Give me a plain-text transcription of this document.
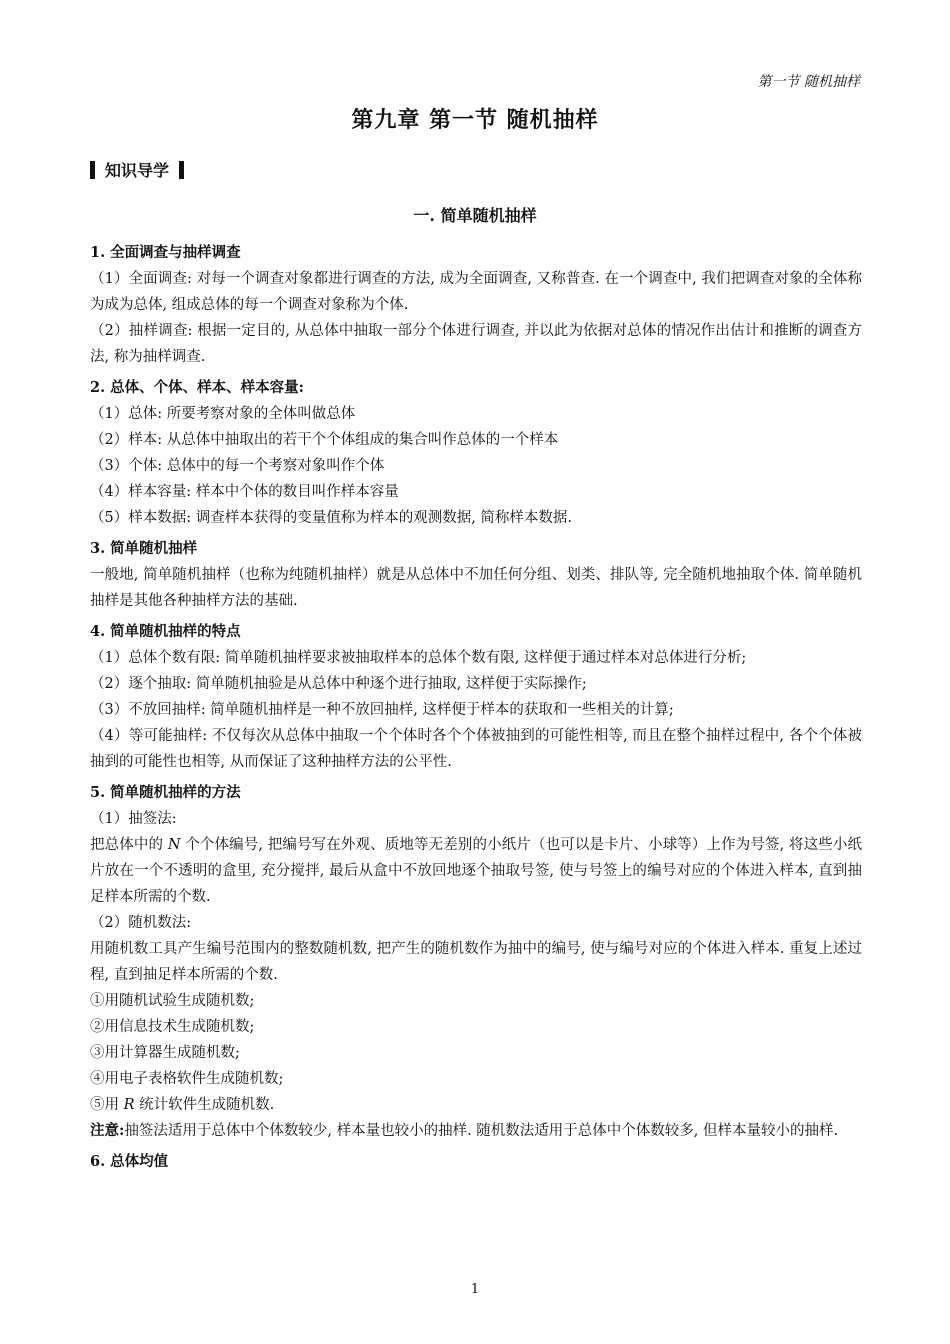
第一节 随机抽样
第九章 第一节 随机抽样
知识导学
一. 简单随机抽样

1. 全面调查与抽样调查

（1）全面调查: 对每一个调查对象都进行调查的方法, 成为全面调查, 又称普查. 在一个调查中, 我们把调查对象的全体称为成为总体, 组成总体的每一个调查对象称为个体.

（2）抽样调查: 根据一定目的, 从总体中抽取一部分个体进行调查, 并以此为依据对总体的情况作出估计和推断的调查方法, 称为抽样调查.

2. 总体、个体、样本、样本容量:

（1）总体: 所要考察对象的全体叫做总体

（2）样本: 从总体中抽取出的若干个个体组成的集合叫作总体的一个样本

（3）个体: 总体中的每一个考察对象叫作个体

（4）样本容量: 样本中个体的数目叫作样本容量

（5）样本数据: 调查样本获得的变量值称为样本的观测数据, 简称样本数据.

3. 简单随机抽样

一般地, 简单随机抽样（也称为纯随机抽样）就是从总体中不加任何分组、划类、排队等, 完全随机地抽取个体. 简单随机抽样是其他各种抽样方法的基础.

4. 简单随机抽样的特点

（1）总体个数有限: 简单随机抽样要求被抽取样本的总体个数有限, 这样便于通过样本对总体进行分析;

（2）逐个抽取: 简单随机抽验是从总体中种逐个进行抽取, 这样便于实际操作;

（3）不放回抽样: 简单随机抽样是一种不放回抽样, 这样便于样本的获取和一些相关的计算;

（4）等可能抽样: 不仅每次从总体中抽取一个个体时各个个体被抽到的可能性相等, 而且在整个抽样过程中, 各个个体被抽到的可能性也相等, 从而保证了这种抽样方法的公平性.

5. 简单随机抽样的方法

（1）抽签法:

把总体中的 N 个个体编号, 把编号写在外观、质地等无差别的小纸片（也可以是卡片、小球等）上作为号签, 将这些小纸片放在一个不透明的盒里, 充分搅拌, 最后从盒中不放回地逐个抽取号签, 使与号签上的编号对应的个体进入样本, 直到抽足样本所需的个数.

（2）随机数法:

用随机数工具产生编号范围内的整数随机数, 把产生的随机数作为抽中的编号, 使与编号对应的个体进入样本. 重复上述过程, 直到抽足样本所需的个数.

①用随机试验生成随机数;

②用信息技术生成随机数;

③用计算器生成随机数;

④用电子表格软件生成随机数;

⑤用 R 统计软件生成随机数.

注意:抽签法适用于总体中个体数较少, 样本量也较小的抽样. 随机数法适用于总体中个体数较多, 但样本量较小的抽样.

6. 总体均值

1
